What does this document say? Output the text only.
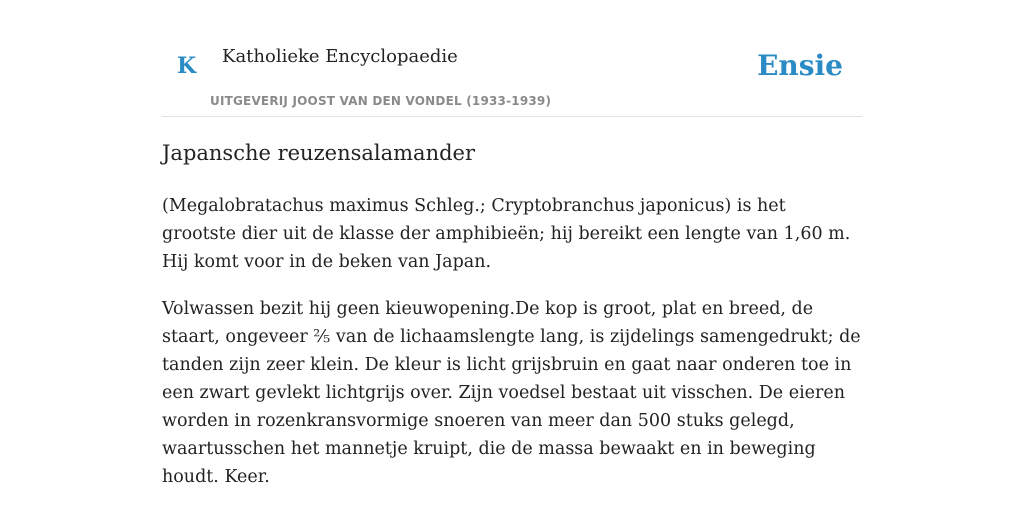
K Katholieke Encyclopaedie
UITGEVERIJ JOOST VAN DEN VONDEL (1933-1939)
Ensie
Japansche reuzensalamander

(Megalobratachus maximus Schleg.; Cryptobranchus japonicus) is het grootste dier uit de klasse der amphibieën; hij bereikt een lengte van 1,60 m. Hij komt voor in de beken van Japan.

Volwassen bezit hij geen kieuwopening.De kop is groot, plat en breed, de staart, ongeveer ⅖ van de lichaamslengte lang, is zijdelings samengedrukt; de tanden zijn zeer klein. De kleur is licht grijsbruin en gaat naar onderen toe in een zwart gevlekt lichtgrijs over. Zijn voedsel bestaat uit visschen. De eieren worden in rozenkransvormige snoeren van meer dan 500 stuks gelegd, waartusschen het mannetje kruipt, die de massa bewaakt en in beweging houdt. Keer.
